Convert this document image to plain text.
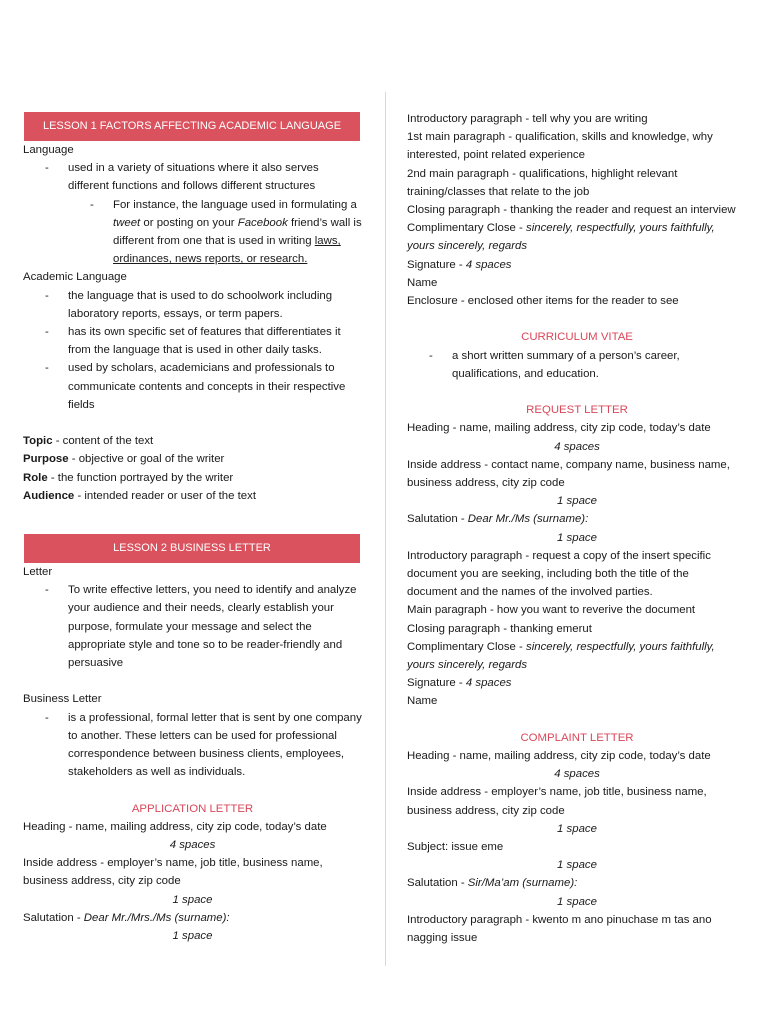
LESSON 1 FACTORS AFFECTING ACADEMIC LANGUAGE
Language
- used in a variety of situations where it also serves different functions and follows different structures
- For instance, the language used in formulating a tweet or posting on your Facebook friend’s wall is different from one that is used in writing laws, ordinances, news reports, or research.
Academic Language
- the language that is used to do schoolwork including laboratory reports, essays, or term papers.
- has its own specific set of features that differentiates it from the language that is used in other daily tasks.
- used by scholars, academicians and professionals to communicate contents and concepts in their respective fields
Topic - content of the text
Purpose - objective or goal of the writer
Role - the function portrayed by the writer
Audience - intended reader or user of the text
LESSON 2 BUSINESS LETTER
Letter
- To write effective letters, you need to identify and analyze your audience and their needs, clearly establish your purpose, formulate your message and select the appropriate style and tone so to be reader-friendly and persuasive
Business Letter
- is a professional, formal letter that is sent by one company to another. These letters can be used for professional correspondence between business clients, employees, stakeholders as well as individuals.
APPLICATION LETTER
Heading - name, mailing address, city zip code, today’s date
4 spaces
Inside address - employer’s name, job title, business name,
business address, city zip code
1 space
Salutation - Dear Mr./Mrs./Ms (surname):
1 space
Introductory paragraph - tell why you are writing
1st main paragraph - qualification, skills and knowledge, why
interested, point related experience
2nd main paragraph - qualifications, highlight relevant
training/classes that relate to the job
Closing paragraph - thanking the reader and request an interview
Complimentary Close - sincerely, respectfully, yours faithfully,
yours sincerely, regards
Signature - 4 spaces
Name
Enclosure - enclosed other items for the reader to see
CURRICULUM VITAE
- a short written summary of a person’s career, qualifications, and education.
REQUEST LETTER
Heading - name, mailing address, city zip code, today’s date
4 spaces
Inside address - contact name, company name, business name,
business address, city zip code
1 space
Salutation - Dear Mr./Ms (surname):
1 space
Introductory paragraph - request a copy of the insert specific
document you are seeking, including both the title of the
document and the names of the involved parties.
Main paragraph - how you want to reverive the document
Closing paragraph - thanking emerut
Complimentary Close - sincerely, respectfully, yours faithfully,
yours sincerely, regards
Signature - 4 spaces
Name
COMPLAINT LETTER
Heading - name, mailing address, city zip code, today’s date
4 spaces
Inside address - employer’s name, job title, business name,
business address, city zip code
1 space
Subject: issue eme
1 space
Salutation - Sir/Ma’am (surname):
1 space
Introductory paragraph - kwento m ano pinuchase m tas ano
nagging issue
